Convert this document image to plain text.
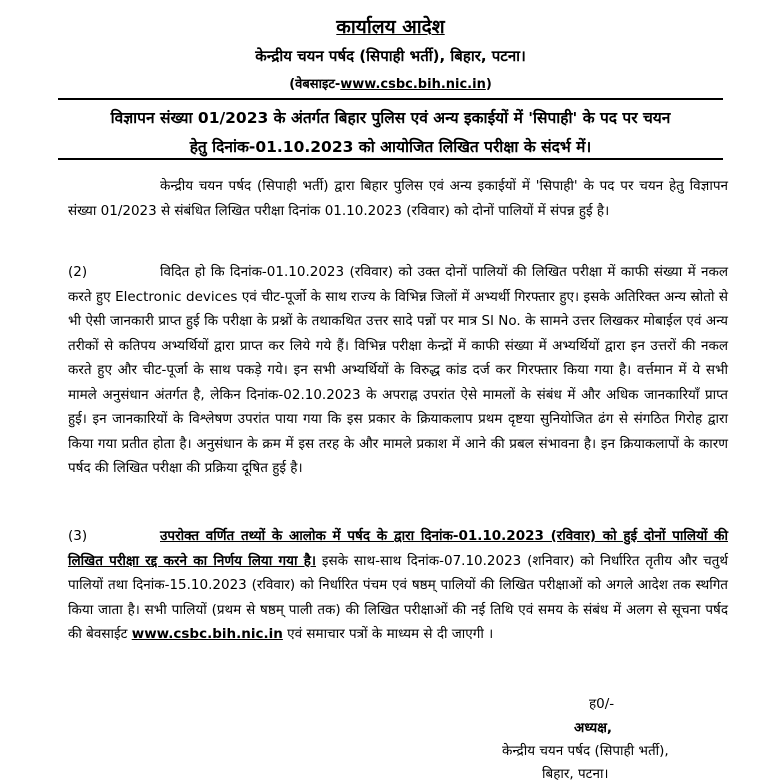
कार्यालय आदेश
केन्द्रीय चयन पर्षद (सिपाही भर्ती), बिहार, पटना।
(वेबसाइट-www.csbc.bih.nic.in)
विज्ञापन संख्या 01/2023 के अंतर्गत बिहार पुलिस एवं अन्य इकाईयों में 'सिपाही' के पद पर चयन
हेतु दिनांक-01.10.2023 को आयोजित लिखित परीक्षा के संदर्भ में।
केन्द्रीय चयन पर्षद (सिपाही भर्ती) द्वारा बिहार पुलिस एवं अन्य इकाईयों में 'सिपाही' के पद पर चयन हेतु विज्ञापन संख्या 01/2023 से संबंधित लिखित परीक्षा दिनांक 01.10.2023 (रविवार) को दोनों पालियों में संपन्न हुई है।
(2)	विदित हो कि दिनांक-01.10.2023 (रविवार) को उक्त दोनों पालियों की लिखित परीक्षा में काफी संख्या में नकल करते हुए Electronic devices एवं चीट-पूर्जो के साथ राज्य के विभिन्न जिलों में अभ्यर्थी गिरफ्तार हुए। इसके अतिरिक्त अन्य स्रोतो से भी ऐसी जानकारी प्राप्त हुई कि परीक्षा के प्रश्नों के तथाकथित उत्तर सादे पन्नों पर मात्र Sl No. के सामने उत्तर लिखकर मोबाईल एवं अन्य तरीकों से कतिपय अभ्यर्थियों द्वारा प्राप्त कर लिये गये हैं। विभिन्न परीक्षा केन्द्रों में काफी संख्या में अभ्यर्थियों द्वारा इन उत्तरों की नकल करते हुए और चीट-पूर्जा के साथ पकड़े गये। इन सभी अभ्यर्थियों के विरुद्ध कांड दर्ज कर गिरफ्तार किया गया है। वर्त्तमान में ये सभी मामले अनुसंधान अंतर्गत है, लेकिन दिनांक-02.10.2023 के अपराह्न उपरांत ऐसे मामलों के संबंध में और अधिक जानकारियाँ प्राप्त हुई। इन जानकारियों के विश्लेषण उपरांत पाया गया कि इस प्रकार के क्रियाकलाप प्रथम दृष्टया सुनियोजित ढंग से संगठित गिरोह द्वारा किया गया प्रतीत होता है। अनुसंधान के क्रम में इस तरह के और मामले प्रकाश में आने की प्रबल संभावना है। इन क्रियाकलापों के कारण पर्षद की लिखित परीक्षा की प्रक्रिया दूषित हुई है।
(3)	उपरोक्त वर्णित तथ्यों के आलोक में पर्षद के द्वारा दिनांक-01.10.2023 (रविवार) को हुई दोनों पालियों की लिखित परीक्षा रद्द करने का निर्णय लिया गया है। इसके साथ-साथ दिनांक-07.10.2023 (शनिवार) को निर्धारित तृतीय और चतुर्थ पालियों तथा दिनांक-15.10.2023 (रविवार) को निर्धारित पंचम एवं षष्ठम् पालियों की लिखित परीक्षाओं को अगले आदेश तक स्थगित किया जाता है। सभी पालियों (प्रथम से षष्ठम् पाली तक) की लिखित परीक्षाओं की नई तिथि एवं समय के संबंध में अलग से सूचना पर्षद की बेवसाईट www.csbc.bih.nic.in एवं समाचार पत्रों के माध्यम से दी जाएगी ।
ह0/-
अध्यक्ष,
केन्द्रीय चयन पर्षद (सिपाही भर्ती),
बिहार, पटना।
